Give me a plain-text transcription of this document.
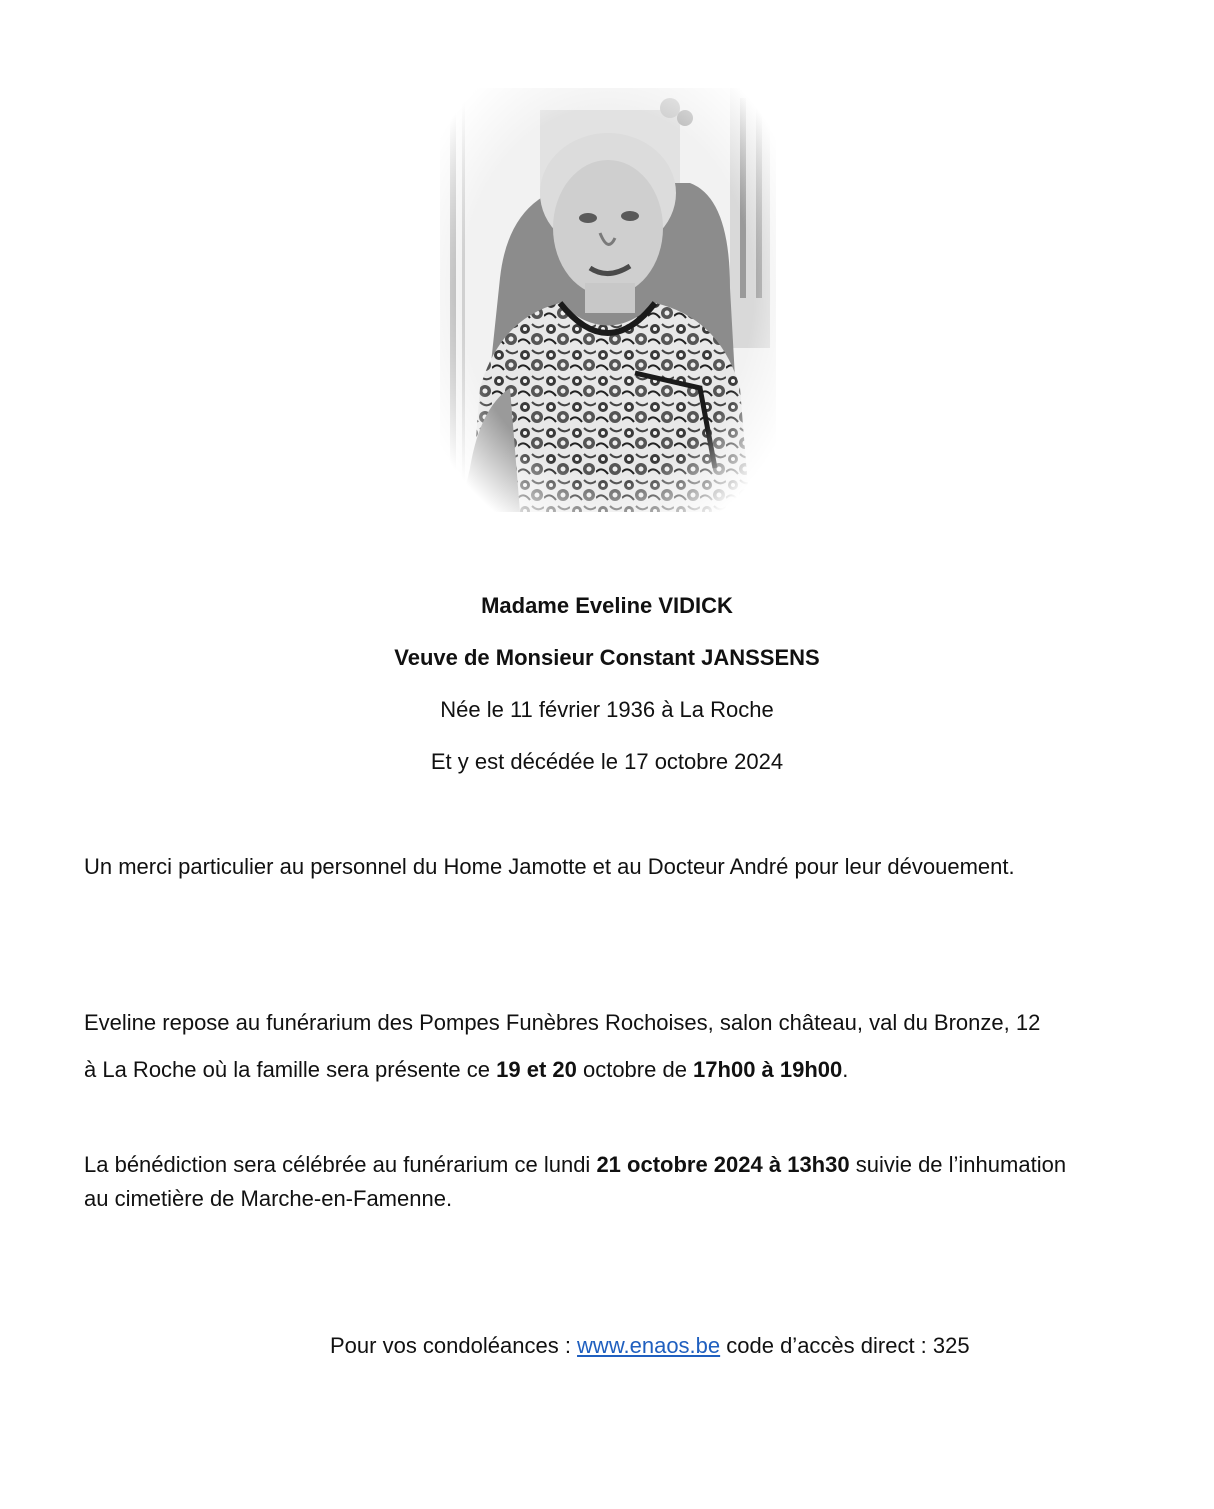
Madame Eveline VIDICK
Veuve de Monsieur Constant JANSSENS
Née le 11 février 1936 à La Roche
Et y est décédée le 17 octobre 2024
Un merci particulier au personnel du Home Jamotte et au Docteur André pour leur dévouement.
Eveline repose au funérarium des Pompes Funèbres Rochoises, salon château, val du Bronze, 12
à La Roche où la famille sera présente ce 19 et 20 octobre de 17h00 à 19h00.
La bénédiction sera célébrée au funérarium ce lundi 21 octobre 2024 à 13h30 suivie de l’inhumation
au cimetière de Marche-en-Famenne.
Pour vos condoléances : www.enaos.be code d’accès direct : 325
